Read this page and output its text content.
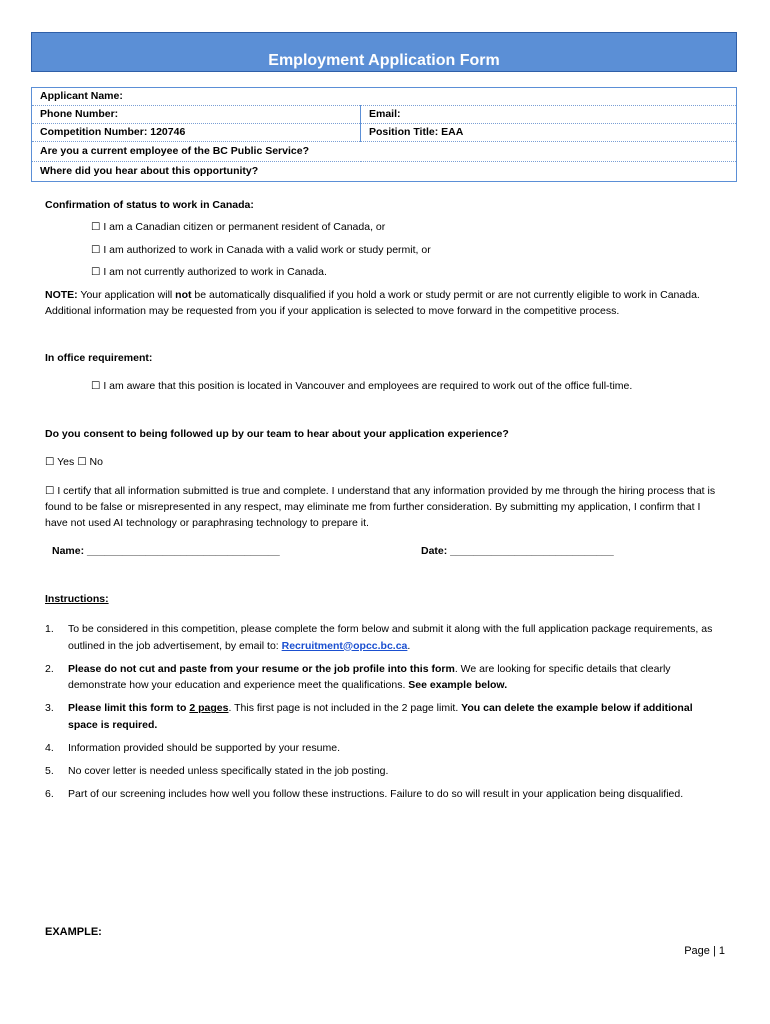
Employment Application Form
Applicant Name:	
Phone Number:	Email:
Competition Number: 120746	Position Title: EAA
Are you a current employee of the BC Public Service?	
Where did you hear about this opportunity?	
Confirmation of status to work in Canada:
☐ I am a Canadian citizen or permanent resident of Canada, or
☐ I am authorized to work in Canada with a valid work or study permit, or
☐ I am not currently authorized to work in Canada.
NOTE: Your application will not be automatically disqualified if you hold a work or study permit or are not currently eligible to work in Canada. Additional information may be requested from you if your application is selected to move forward in the competitive process.
In office requirement:
☐ I am aware that this position is located in Vancouver and employees are required to work out of the office full-time.
Do you consent to being followed up by our team to hear about your application experience?
☐ Yes ☐ No
☐ I certify that all information submitted is true and complete. I understand that any information provided by me through the hiring process that is found to be false or misrepresented in any respect, may eliminate me from further consideration. By submitting my application, I confirm that I have not used AI technology or paraphrasing technology to prepare it.
Name: _________________________________	Date: ____________________________
Instructions:
1. To be considered in this competition, please complete the form below and submit it along with the full application package requirements, as outlined in the job advertisement, by email to: Recruitment@opcc.bc.ca.
2. Please do not cut and paste from your resume or the job profile into this form. We are looking for specific details that clearly demonstrate how your education and experience meet the qualifications. See example below.
3. Please limit this form to 2 pages. This first page is not included in the 2 page limit. You can delete the example below if additional space is required.
4. Information provided should be supported by your resume.
5. No cover letter is needed unless specifically stated in the job posting.
6. Part of our screening includes how well you follow these instructions. Failure to do so will result in your application being disqualified.
EXAMPLE:
Page | 1
